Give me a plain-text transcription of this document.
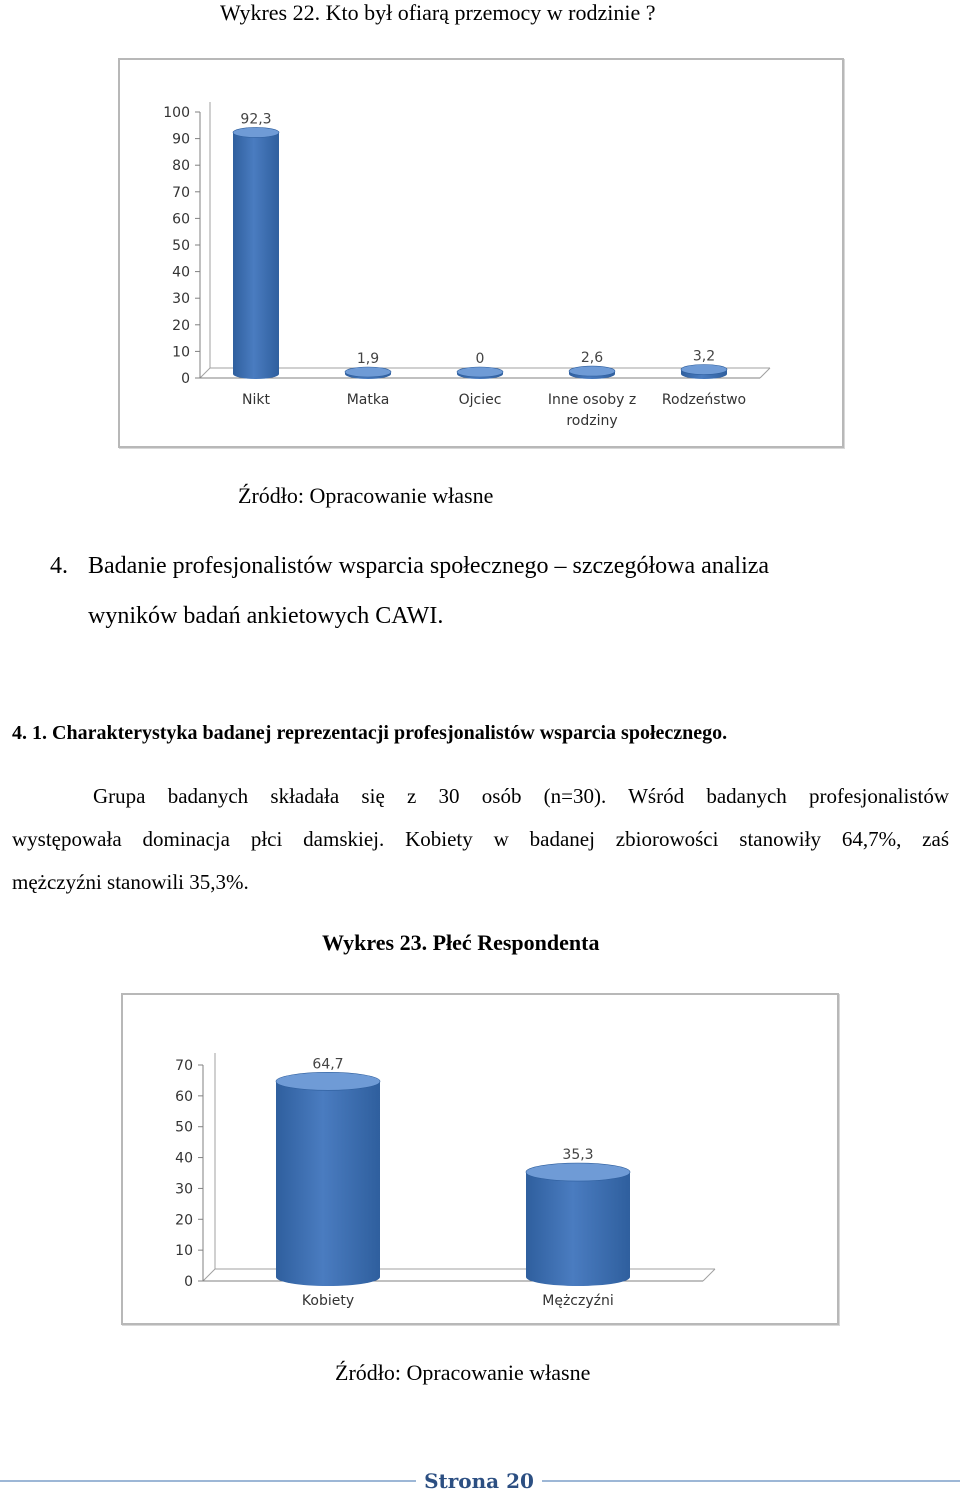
Wykres 22. Kto był ofiarą przemocy w rodzinie ?
0
10
20
30
40
50
60
70
80
90
100	92,3
Nikt
1,9
Matka
0
Ojciec
2,6
Inne osoby z
rodziny
3,2
Rodzeństwo
Źródło: Opracowanie własne
4. Badanie profesjonalistów wsparcia społecznego – szczegółowa analiza
wyników badań ankietowych CAWI.
4. 1. Charakterystyka badanej reprezentacji profesjonalistów wsparcia społecznego.
Grupa badanych składała się z 30 osób (n=30). Wśród badanych profesjonalistów
występowała dominacja płci damskiej. Kobiety w badanej zbiorowości stanowiły 64,7%, zaś
mężczyźni stanowili 35,3%.
Wykres 23. Płeć Respondenta
0
10
20
30
40
50
60
70	64,7
Kobiety
35,3
Mężczyźni
Źródło: Opracowanie własne
Strona 20
